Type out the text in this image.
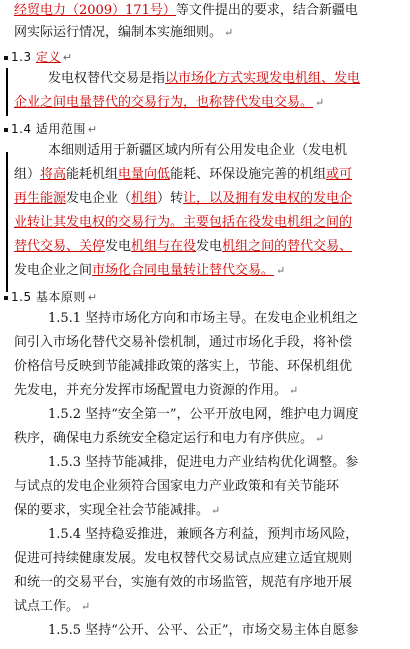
经贸电力（2009）171号）等文件提出的要求，结合新疆电
网实际运行情况，编制本实施细则。 ↵
1.3 定义 ↵
发电权替代交易是指以市场化方式实现发电机组、发电
企业之间电量替代的交易行为，也称替代发电交易。 ↵
1.4 适用范围 ↵
本细则适用于新疆区域内所有公用发电企业（发电机
组）将高能耗机组电量向低能耗、环保设施完善的机组或可
再生能源发电企业（机组）转让，以及拥有发电权的发电企
业转让其发电权的交易行为。主要包括在役发电机组之间的
替代交易、关停发电机组与在役发电机组之间的替代交易、
发电企业之间市场化合同电量转让替代交易。 ↵
1.5 基本原则 ↵
1.5.1 坚持市场化方向和市场主导。在发电企业机组之
间引入市场化替代交易补偿机制，通过市场化手段，将补偿
价格信号反映到节能减排政策的落实上，节能、环保机组优
先发电，并充分发挥市场配置电力资源的作用。 ↵
1.5.2 坚持“安全第一”，公平开放电网，维护电力调度
秩序，确保电力系统安全稳定运行和电力有序供应。 ↵
1.5.3 坚持节能减排，促进电力产业结构优化调整。参
与试点的发电企业须符合国家电力产业政策和有关节能环
保的要求，实现全社会节能减排。 ↵
1.5.4 坚持稳妥推进，兼顾各方利益，预判市场风险，
促进可持续健康发展。发电权替代交易试点应建立适宜规则
和统一的交易平台，实施有效的市场监管，规范有序地开展
试点工作。 ↵
1.5.5 坚持“公开、公平、公正”，市场交易主体自愿参
